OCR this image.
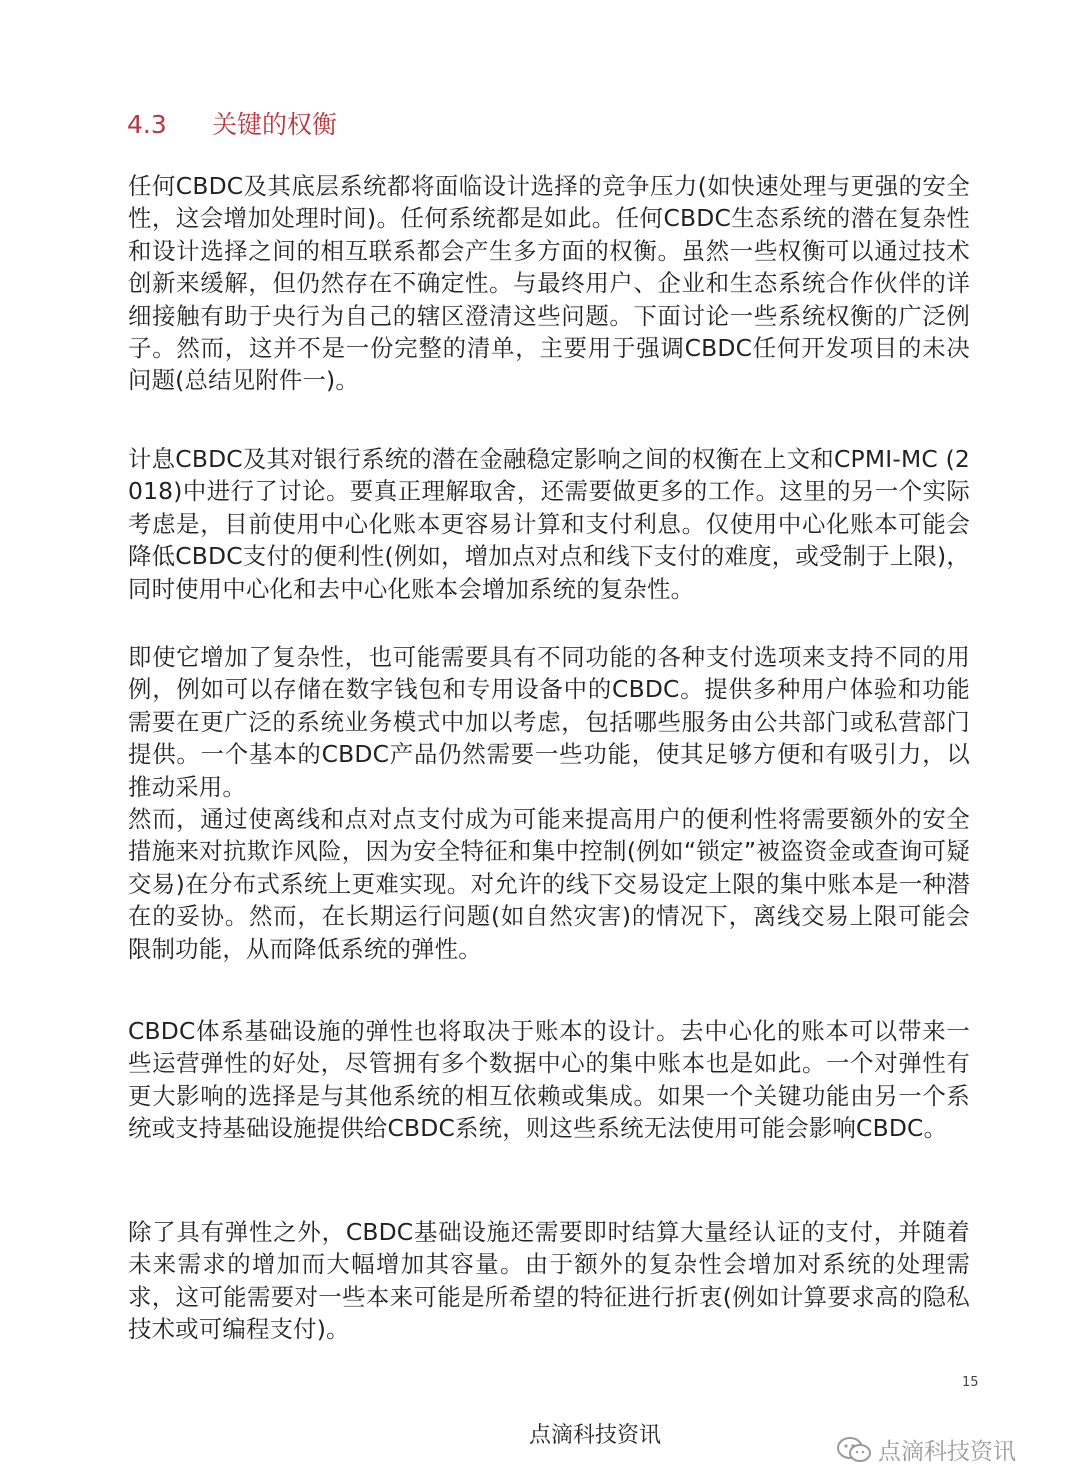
4.3	关键的权衡

任何CBDC及其底层系统都将面临设计选择的竞争压力(如快速处理与更强的安全性，这会增加处理时间)。任何系统都是如此。任何CBDC生态系统的潜在复杂性和设计选择之间的相互联系都会产生多方面的权衡。虽然一些权衡可以通过技术创新来缓解，但仍然存在不确定性。与最终用户、企业和生态系统合作伙伴的详细接触有助于央行为自己的辖区澄清这些问题。下面讨论一些系统权衡的广泛例子。然而，这并不是一份完整的清单，主要用于强调CBDC任何开发项目的未决问题(总结见附件一)。

计息CBDC及其对银行系统的潜在金融稳定影响之间的权衡在上文和CPMI-MC (2018)中进行了讨论。要真正理解取舍，还需要做更多的工作。这里的另一个实际考虑是，目前使用中心化账本更容易计算和支付利息。仅使用中心化账本可能会降低CBDC支付的便利性(例如，增加点对点和线下支付的难度，或受制于上限)，同时使用中心化和去中心化账本会增加系统的复杂性。

即使它增加了复杂性，也可能需要具有不同功能的各种支付选项来支持不同的用例，例如可以存储在数字钱包和专用设备中的CBDC。提供多种用户体验和功能需要在更广泛的系统业务模式中加以考虑，包括哪些服务由公共部门或私营部门提供。一个基本的CBDC产品仍然需要一些功能，使其足够方便和有吸引力，以推动采用。
然而，通过使离线和点对点支付成为可能来提高用户的便利性将需要额外的安全措施来对抗欺诈风险，因为安全特征和集中控制(例如“锁定”被盗资金或查询可疑交易)在分布式系统上更难实现。对允许的线下交易设定上限的集中账本是一种潜在的妥协。然而，在长期运行问题(如自然灾害)的情况下，离线交易上限可能会限制功能，从而降低系统的弹性。

CBDC体系基础设施的弹性也将取决于账本的设计。去中心化的账本可以带来一些运营弹性的好处，尽管拥有多个数据中心的集中账本也是如此。一个对弹性有更大影响的选择是与其他系统的相互依赖或集成。如果一个关键功能由另一个系统或支持基础设施提供给CBDC系统，则这些系统无法使用可能会影响CBDC。

除了具有弹性之外，CBDC基础设施还需要即时结算大量经认证的支付，并随着未来需求的增加而大幅增加其容量。由于额外的复杂性会增加对系统的处理需求，这可能需要对一些本来可能是所希望的特征进行折衷(例如计算要求高的隐私技术或可编程支付)。

15
点滴科技资讯
点滴科技资讯
